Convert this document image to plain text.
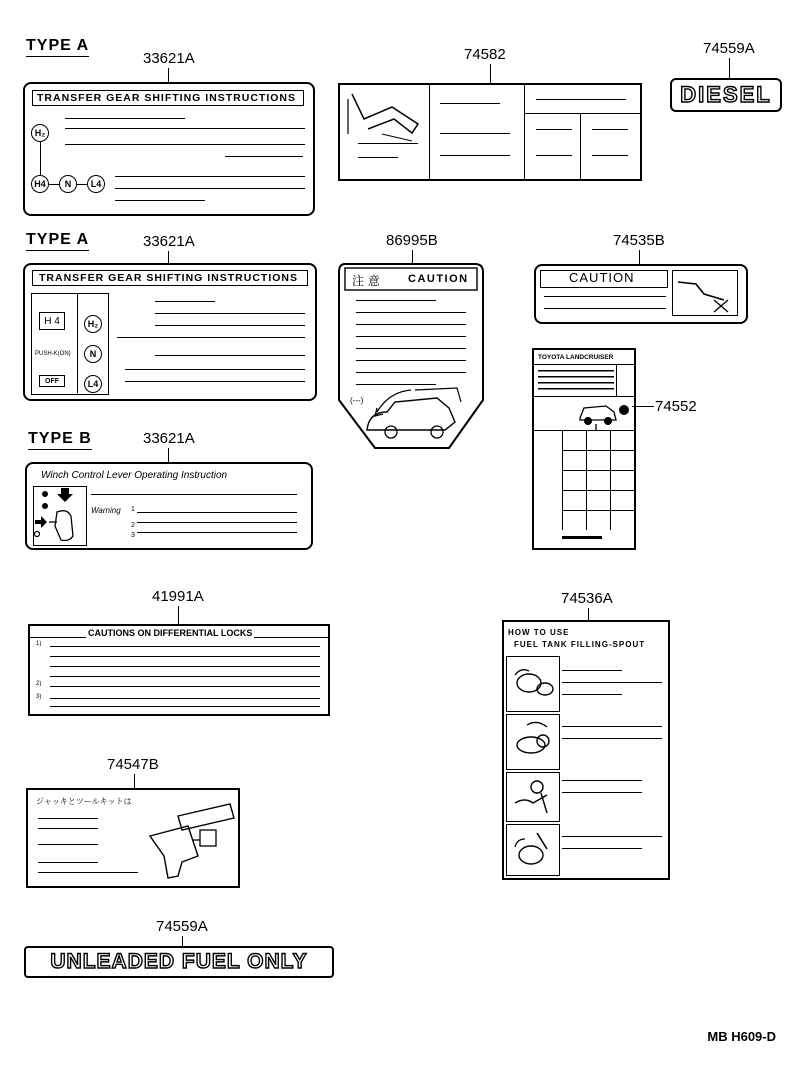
TYPE A
TYPE A
TYPE B
33621A
TRANSFER GEAR SHIFTING INSTRUCTIONS
H₂
H4	N	L4
74582	74559A
DIESEL
33621A
TRANSFER GEAR SHIFTING INSTRUCTIONS
H 4
PUSH-K(ON)
OFF
H₂
N
L4
86995B
注 意	CAUTION
(---)
74535B
CAUTION
TOYOTA LANDCRUISER
74552
33621A
Winch Control Lever Operating Instruction
Warning 1
2
3
41991A
CAUTIONS ON DIFFERENTIAL LOCKS
1)
2)
3)
74536A
HOW TO USE
FUEL TANK FILLING-SPOUT
74547B
ジャッキとツールキットは
74559A
UNLEADED FUEL ONLY
MB H609-D
